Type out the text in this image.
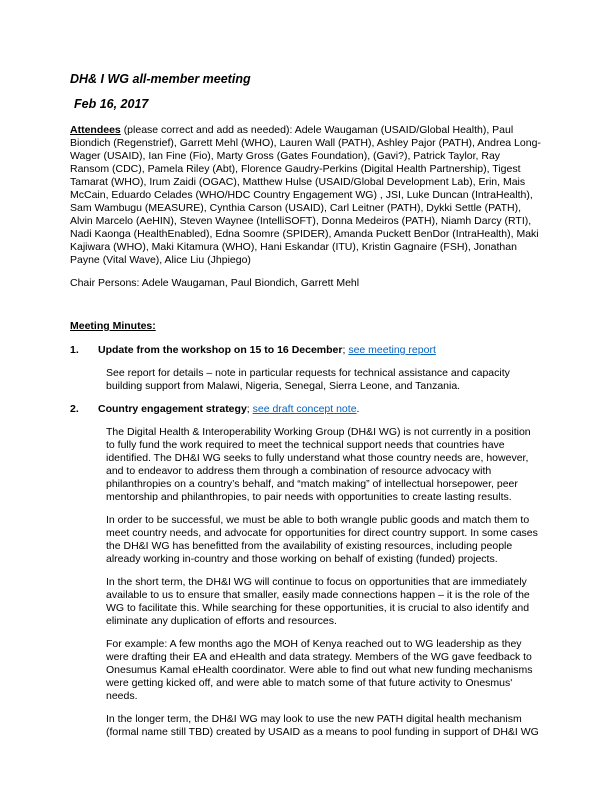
DH& I WG all-member meeting
Feb 16, 2017

Attendees (please correct and add as needed): Adele Waugaman (USAID/Global Health), Paul Biondich (Regenstrief), Garrett Mehl (WHO), Lauren Wall (PATH), Ashley Pajor (PATH), Andrea Long-Wager (USAID), Ian Fine (Fio), Marty Gross (Gates Foundation), (Gavi?), Patrick Taylor, Ray Ransom (CDC), Pamela Riley (Abt), Florence Gaudry-Perkins (Digital Health Partnership), Tigest Tamarat (WHO), Irum Zaidi (OGAC), Matthew Hulse (USAID/Global Development Lab), Erin, Mais McCain, Eduardo Celades (WHO/HDC Country Engagement WG) , JSI, Luke Duncan (IntraHealth), Sam Wambugu (MEASURE), Cynthia Carson (USAID), Carl Leitner (PATH), Dykki Settle (PATH), Alvin Marcelo (AeHIN), Steven Waynee (IntelliSOFT), Donna Medeiros (PATH), Niamh Darcy (RTI), Nadi Kaonga (HealthEnabled), Edna Soomre (SPIDER), Amanda Puckett BenDor (IntraHealth), Maki Kajiwara (WHO), Maki Kitamura (WHO), Hani Eskandar (ITU), Kristin Gagnaire (FSH), Jonathan Payne (Vital Wave), Alice Liu (Jhpiego)

Chair Persons: Adele Waugaman, Paul Biondich, Garrett Mehl

Meeting Minutes:

1. Update from the workshop on 15 to 16 December; see meeting report

See report for details – note in particular requests for technical assistance and capacity building support from Malawi, Nigeria, Senegal, Sierra Leone, and Tanzania.

2. Country engagement strategy; see draft concept note.

The Digital Health & Interoperability Working Group (DH&I WG) is not currently in a position to fully fund the work required to meet the technical support needs that countries have identified. The DH&I WG seeks to fully understand what those country needs are, however, and to endeavor to address them through a combination of resource advocacy with philanthropies on a country’s behalf, and “match making” of intellectual horsepower, peer mentorship and philanthropies, to pair needs with opportunities to create lasting results.

In order to be successful, we must be able to both wrangle public goods and match them to meet country needs, and advocate for opportunities for direct country support. In some cases the DH&I WG has benefitted from the availability of existing resources, including people already working in-country and those working on behalf of existing (funded) projects.

In the short term, the DH&I WG will continue to focus on opportunities that are immediately available to us to ensure that smaller, easily made connections happen – it is the role of the WG to facilitate this. While searching for these opportunities, it is crucial to also identify and eliminate any duplication of efforts and resources.

For example: A few months ago the MOH of Kenya reached out to WG leadership as they were drafting their EA and eHealth and data strategy. Members of the WG gave feedback to Onesumus Kamal eHealth coordinator. Were able to find out what new funding mechanisms were getting kicked off, and were able to match some of that future activity to Onesmus' needs.

In the longer term, the DH&I WG may look to use the new PATH digital health mechanism (formal name still TBD) created by USAID as a means to pool funding in support of DH&I WG
